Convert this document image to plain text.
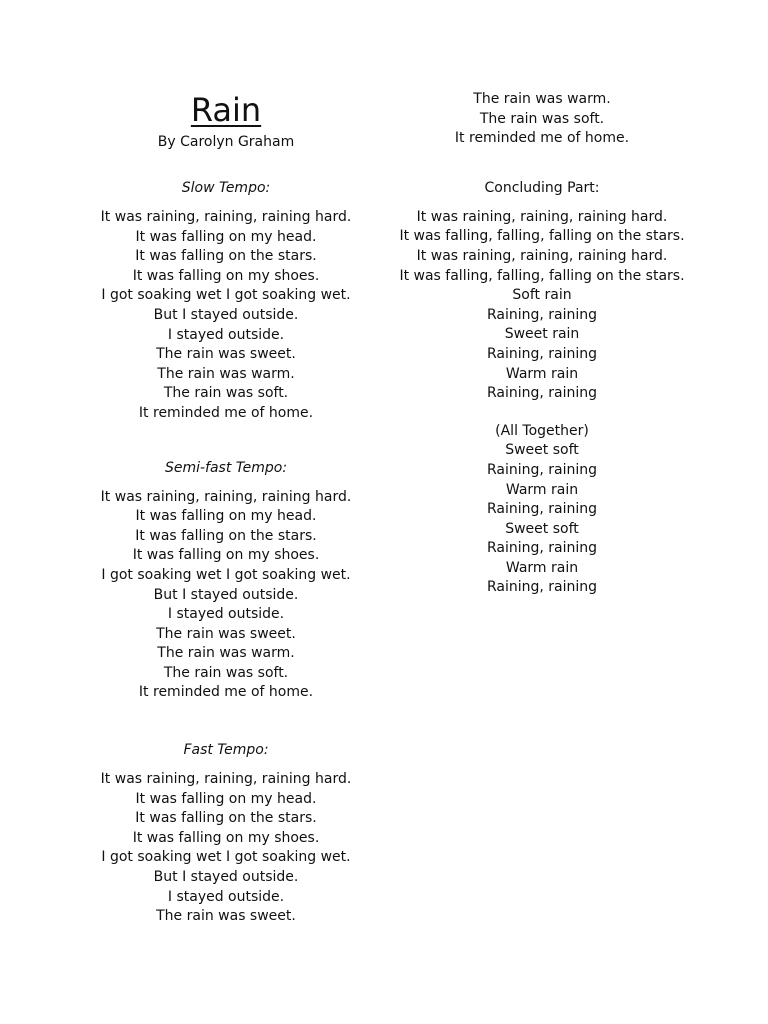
Rain

By Carolyn Graham

Slow Tempo:

It was raining, raining, raining hard.
It was falling on my head.
It was falling on the stars.
It was falling on my shoes.
I got soaking wet I got soaking wet.
But I stayed outside.
I stayed outside.
The rain was sweet.
The rain was warm.
The rain was soft.
It reminded me of home.

Semi-fast Tempo:

It was raining, raining, raining hard.
It was falling on my head.
It was falling on the stars.
It was falling on my shoes.
I got soaking wet I got soaking wet.
But I stayed outside.
I stayed outside.
The rain was sweet.
The rain was warm.
The rain was soft.
It reminded me of home.

Fast Tempo:

It was raining, raining, raining hard.
It was falling on my head.
It was falling on the stars.
It was falling on my shoes.
I got soaking wet I got soaking wet.
But I stayed outside.
I stayed outside.
The rain was sweet.
The rain was warm.
The rain was soft.
It reminded me of home.

Concluding Part:

It was raining, raining, raining hard.
It was falling, falling, falling on the stars.
It was raining, raining, raining hard.
It was falling, falling, falling on the stars. Soft rain
Raining, raining
Sweet rain
Raining, raining
Warm rain
Raining, raining
(All Together)
Sweet soft
Raining, raining
Warm rain
Raining, raining
Sweet soft
Raining, raining
Warm rain
Raining, raining
